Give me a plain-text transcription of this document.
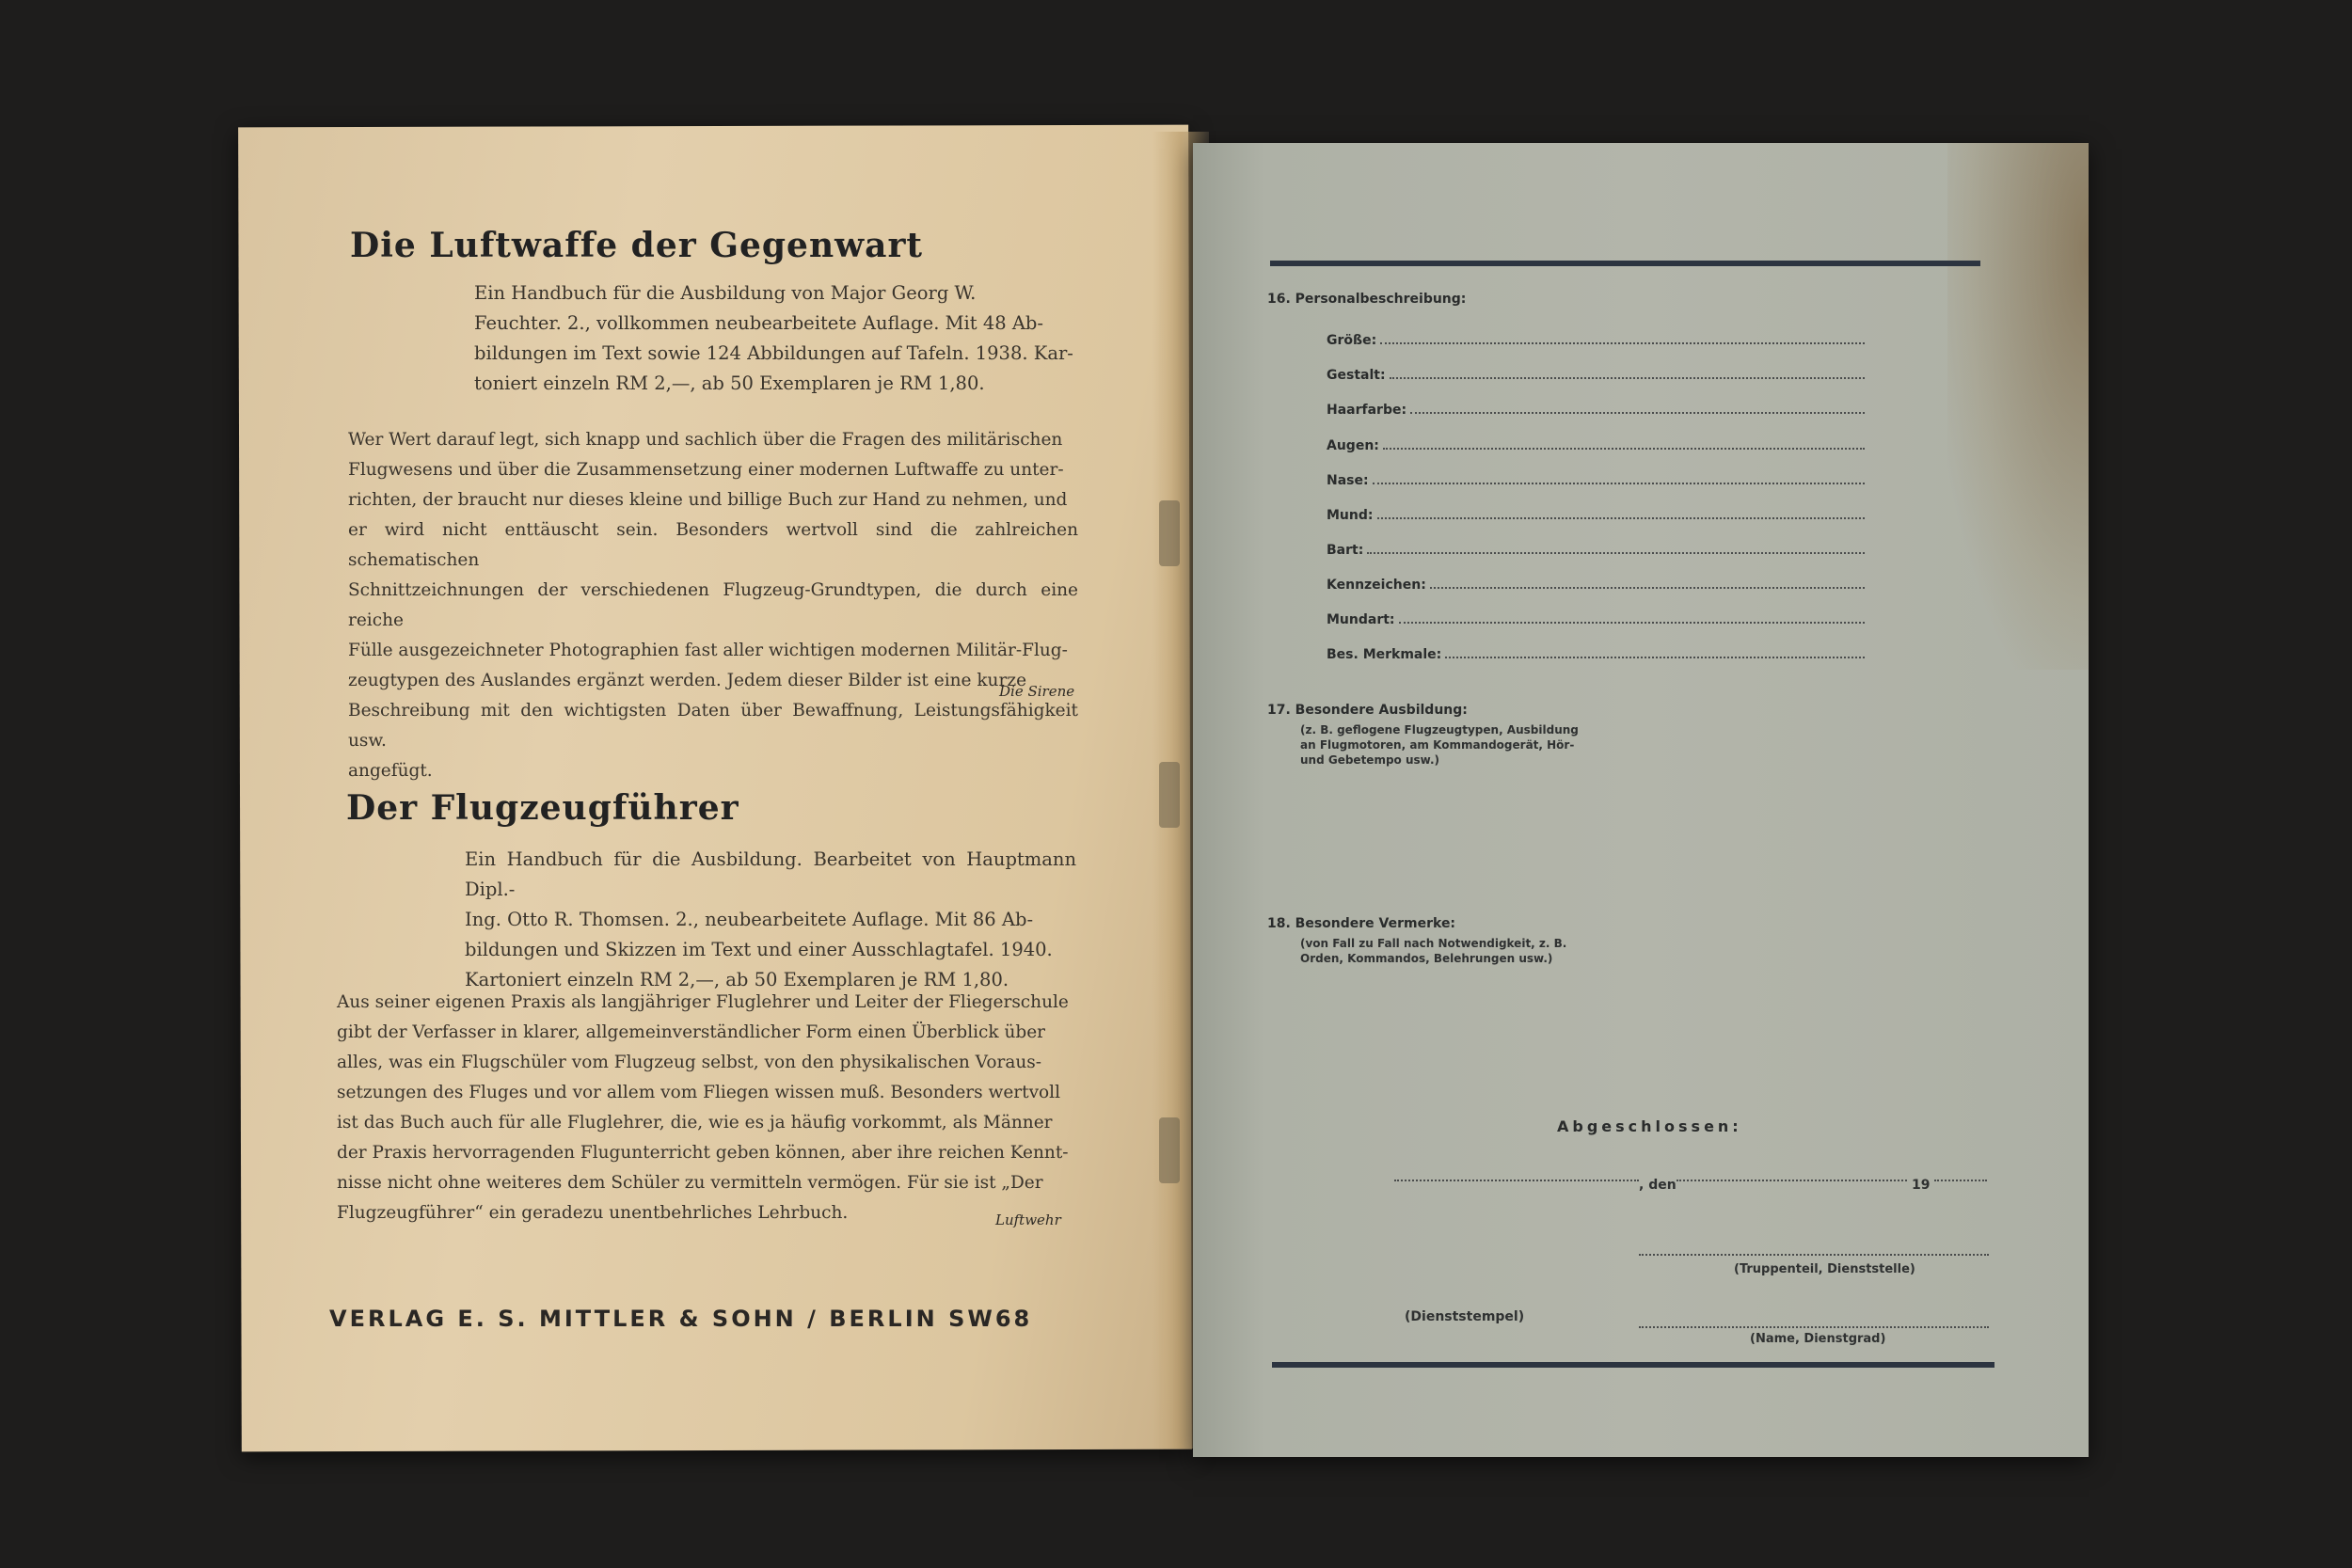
Die Luftwaffe der Gegenwart
Ein Handbuch für die Ausbildung von Major Georg W.
Feuchter. 2., vollkommen neubearbeitete Auflage. Mit 48 Ab-
bildungen im Text sowie 124 Abbildungen auf Tafeln. 1938. Kar-
toniert einzeln RM 2,—, ab 50 Exemplaren je RM 1,80.
Wer Wert darauf legt, sich knapp und sachlich über die Fragen des militärischen
Flugwesens und über die Zusammensetzung einer modernen Luftwaffe zu unter-
richten, der braucht nur dieses kleine und billige Buch zur Hand zu nehmen, und
er wird nicht enttäuscht sein. Besonders wertvoll sind die zahlreichen schematischen
Schnittzeichnungen der verschiedenen Flugzeug-Grundtypen, die durch eine reiche
Fülle ausgezeichneter Photographien fast aller wichtigen modernen Militär-Flug-
zeugtypen des Auslandes ergänzt werden. Jedem dieser Bilder ist eine kurze
Beschreibung mit den wichtigsten Daten über Bewaffnung, Leistungsfähigkeit usw.
angefügt.

Die Sirene

Der Flugzeugführer
Ein Handbuch für die Ausbildung. Bearbeitet von Hauptmann Dipl.-
Ing. Otto R. Thomsen. 2., neubearbeitete Auflage. Mit 86 Ab-
bildungen und Skizzen im Text und einer Ausschlagtafel. 1940.
Kartoniert einzeln RM 2,—, ab 50 Exemplaren je RM 1,80.
Aus seiner eigenen Praxis als langjähriger Fluglehrer und Leiter der Fliegerschule
gibt der Verfasser in klarer, allgemeinverständlicher Form einen Überblick über
alles, was ein Flugschüler vom Flugzeug selbst, von den physikalischen Voraus-
setzungen des Fluges und vor allem vom Fliegen wissen muß. Besonders wertvoll
ist das Buch auch für alle Fluglehrer, die, wie es ja häufig vorkommt, als Männer
der Praxis hervorragenden Flugunterricht geben können, aber ihre reichen Kennt-
nisse nicht ohne weiteres dem Schüler zu vermitteln vermögen. Für sie ist „Der
Flugzeugführer“ ein geradezu unentbehrliches Lehrbuch.	Luftwehr

VERLAG E. S. MITTLER & SOHN / BERLIN SW68

16. Personalbeschreibung:

Größe:
Gestalt:
Haarfarbe:
Augen:
Nase:
Mund:
Bart:
Kennzeichen:
Mundart:
Bes. Merkmale:

17. Besondere Ausbildung:

(z. B. geflogene Flugzeugtypen, Ausbildung
an Flugmotoren, am Kommandogerät, Hör-
und Gebetempo usw.)

18. Besondere Vermerke:

(von Fall zu Fall nach Notwendigkeit, z. B.
Orden, Kommandos, Belehrungen usw.)

Abgeschlossen:

, den	19

(Truppenteil, Dienststelle)

(Dienststempel)

(Name, Dienstgrad)
